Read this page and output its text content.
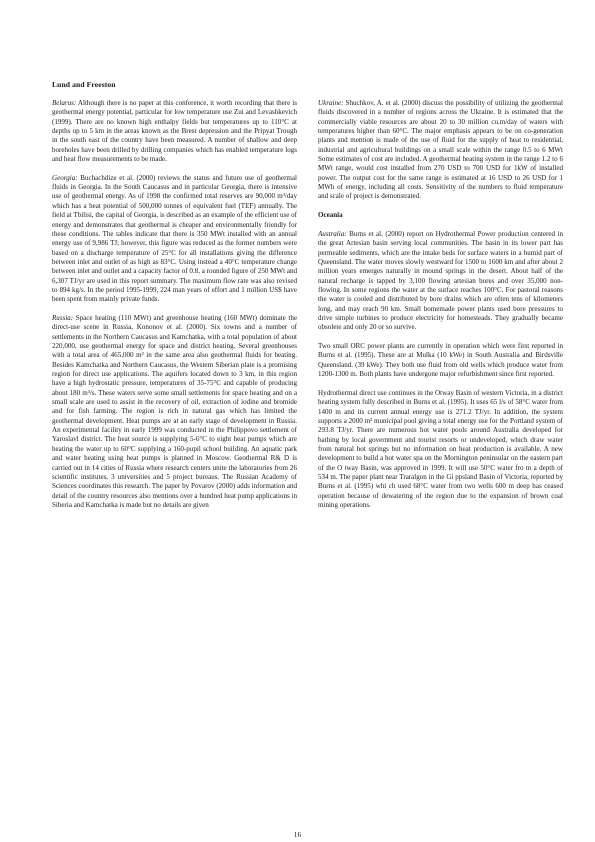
Lund and Freeston

Belarus: Although there is no paper at this conference, it worth recording that there is geothermal energy potential, particular for low temperature use Zui and Levashkevich (1999). There are no known high enthalpy fields but temperatures up to 110°C at depths up to 5 km in the areas known as the Brest depression and the Pripyat Trough in the south east of the country have been measured. A number of shallow and deep boreholes have been drilled by drilling companies which has enabled temperature logs and heat flow measurements to be made.

Georgia: Buchachdize et al. (2000) reviews the status and future use of geothermal fluids in Georgia. In the South Caucasus and in particular Georgia, there is intensive use of geothermal energy. As of 1998 the confirmed total reserves are 90,000 m³/day which has a heat potential of 500,000 tonnes of equivalent fuel (TEF) annually. The field at Tbilisi, the capital of Georgia, is described as an example of the efficient use of energy and demonstrates that geothermal is cheaper and environmentally friendly for these conditions. The tables indicate that there is 350 MWt installed with an annual energy use of 9,986 TJ; however, this figure was reduced as the former numbers were based on a discharge temperature of 25°C for all installations giving the difference between inlet and outlet of as high as 83°C. Using instead a 40°C temperature change between inlet and outlet and a capacity factor of 0.8, a rounded figure of 250 MWt and 6,307 TJ/yr are used in this report summary. The maximum flow rate was also revised to 894 kg/s. In the period 1995-1999, 224 man years of effort and 1 million US$ have been spent from mainly private funds.

Russia: Space heating (110 MWt) and greenhouse heating (160 MWt) dominate the direct-use scene in Russia, Kononov et al. (2000). Six towns and a number of settlements in the Northern Caucasus and Kamchatka, with a total population of about 220,000, use geothermal energy for space and district heating. Several greenhouses with a total area of 465,000 m² in the same area also geothermal fluids for heating. Besides Kamchatka and Northern Caucasus, the Western Siberian plate is a promising region for direct use applications. The aquifers located down to 3 km, in this region have a high hydrostatic pressure, temperatures of 35-75°C and capable of producing about 180 m³/s. These waters serve some small settlements for space heating and on a small scale are used to assist in the recovery of oil, extraction of iodine and bromide and for fish farming. The region is rich in natural gas which has limited the geothermal development. Heat pumps are at an early stage of development in Russia. An experimental facility in early 1999 was conducted in the Philippovo settlement of Yaroslavl district. The heat source is supplying 5-6°C to eight heat pumps which are heating the water up to 60°C supplying a 160-pupil school building. An aquatic park and water heating using heat pumps is planned in Moscow. Geothermal R& D is carried out in 14 cities of Russia where research centers unite the laboratories from 26 scientific institutes, 3 universities and 5 project bureaus. The Russian Academy of Sciences coordinates this research. The paper by Povarov (2000) adds information and detail of the country resources also mentions over a hundred heat pump applications in Siberia and Kamchatka is made but no details are given

Ukraine: Shuchkov, A. et al. (2000) discuss the possibility of utilizing the geothermal fluids discovered in a number of regions across the Ukraine. It is estimated that the commercially viable resources are about 20 to 30 million cu.m/day of waters with temperatures higher than 60°C. The major emphasis appears to be on co-generation plants and mention is made of the use of fluid for the supply of heat to residential, industrial and agricultural buildings on a small scale within the range 0.5 to 6 MWt Some estimates of cost are included. A geothermal heating system in the range 1.2 to 6 MWt range, would cost installed from 270 USD to 700 USD for 1kW of installed power. The output cost for the same range is estimated at 16 USD to 26 USD for 1 MWh of energy, including all costs. Sensitivity of the numbers to fluid temperature and scale of project is demonstrated.

Oceania

Australia: Burns et al. (2000) report on Hydrothermal Power production centered in the great Artesian basin serving local communities. The basin in its lower part has permeable sediments, which are the intake beds for surface waters in a humid part of Queensland. The water moves slowly westward for 1500 to 1600 km and after about 2 million years emerges naturally in mound springs in the desert. About half of the natural recharge is tapped by 3,100 flowing artesian bores and over 35,000 non-flowing. In some regions the water at the surface reaches 100°C. For pastoral reasons the water is cooled and distributed by bore drains which are often tens of kilometers long, and may reach 90 km. Small homemade power plants used bore pressures to drive simple turbines to produce electricity for homesteads. They gradually became obsolete and only 20 or so survive.

Two small ORC power plants are currently in operation which were first reported in Burns et al. (1995). These are at Mulka (10 kWe) in South Australia and Birdsville Queensland. (39 kWe). They both use fluid from old wells which produce water from 1200-1300 m. Both plants have undergone major refurbishment since first reported.

Hydrothermal direct use continues in the Otway Basin of western Victoria, in a district heating system fully described in Burns et al. (1995). It uses 65 l/s of 58°C water from 1400 m and its current annual energy use is 271.2 TJ/yr. In addition, the system supports a 2000 m² municipal pool giving a total energy use for the Portland system of 293.8 TJ/yr. There are numerous hot water pools around Australia developed for bathing by local government and tourist resorts or undeveloped, which draw water from natural hot springs but no information on heat production is available. A new development to build a hot water spa on the Mornington peninsular on the eastern part of the O tway Basin, was approved in 1999. It will use 50°C water fro m a depth of 534 m. The paper plant near Traralgon in the Gi ppsland Basin of Victoria, reported by Burns et al. (1995) whi ch used 68°C water from two wells 600 m deep has ceased operation because of dewatering of the region due to the expansion of brown coal mining operations.

16
